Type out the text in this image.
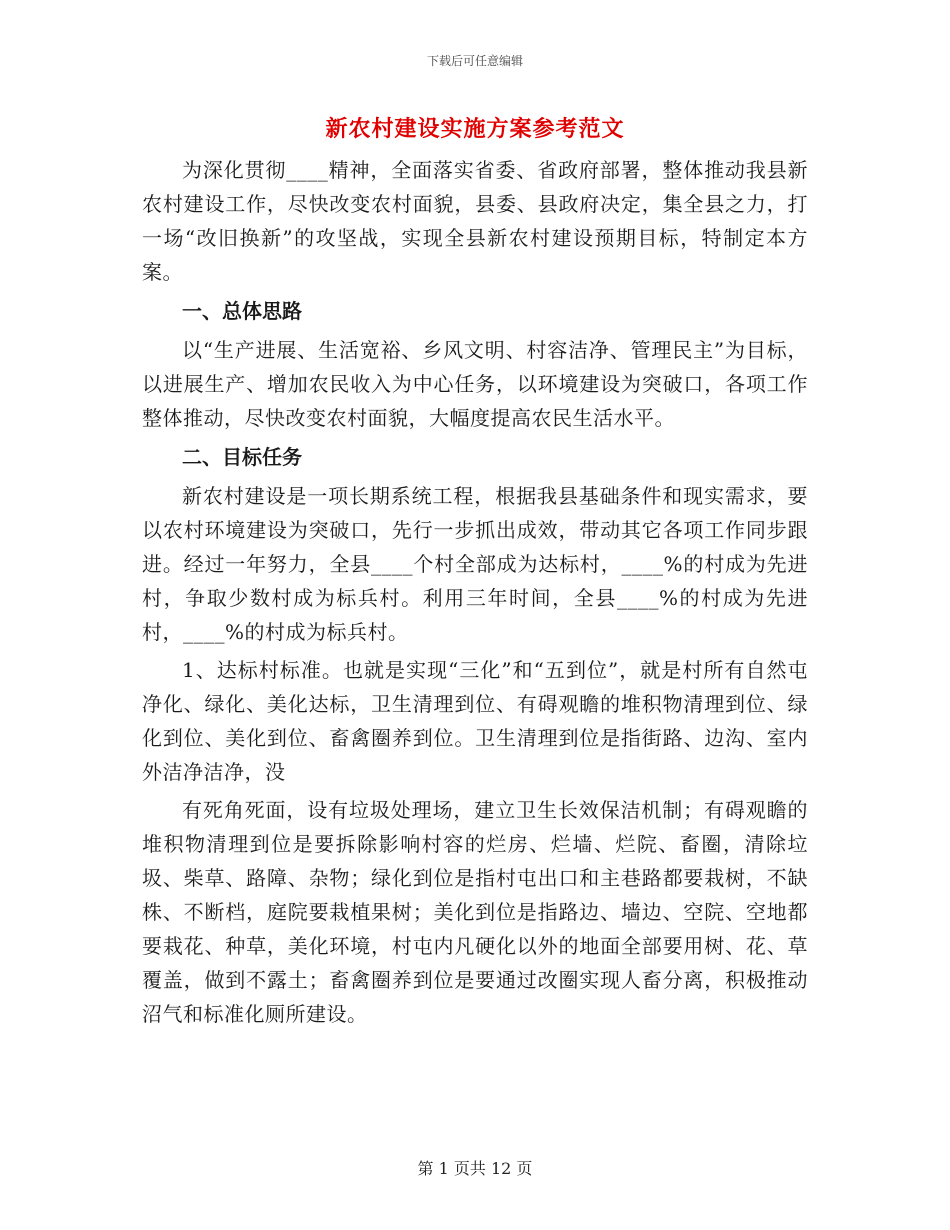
下载后可任意编辑
新农村建设实施方案参考范文

为深化贯彻____精神，全面落实省委、省政府部署，整体推动我县新农村建设工作，尽快改变农村面貌，县委、县政府决定，集全县之力，打一场“改旧换新”的攻坚战，实现全县新农村建设预期目标，特制定本方案。

一、总体思路

以“生产进展、生活宽裕、乡风文明、村容洁净、管理民主”为目标，以进展生产、增加农民收入为中心任务，以环境建设为突破口，各项工作整体推动，尽快改变农村面貌，大幅度提高农民生活水平。

二、目标任务

新农村建设是一项长期系统工程，根据我县基础条件和现实需求，要以农村环境建设为突破口，先行一步抓出成效，带动其它各项工作同步跟进。经过一年努力，全县____个村全部成为达标村，____%的村成为先进村，争取少数村成为标兵村。利用三年时间，全县____%的村成为先进村，____%的村成为标兵村。

1、达标村标准。也就是实现“三化”和“五到位”，就是村所有自然屯净化、绿化、美化达标，卫生清理到位、有碍观瞻的堆积物清理到位、绿化到位、美化到位、畜禽圈养到位。卫生清理到位是指街路、边沟、室内外洁净洁净，没

有死角死面，设有垃圾处理场，建立卫生长效保洁机制；有碍观瞻的堆积物清理到位是要拆除影响村容的烂房、烂墙、烂院、畜圈，清除垃圾、柴草、路障、杂物；绿化到位是指村屯出口和主巷路都要栽树，不缺株、不断档，庭院要栽植果树；美化到位是指路边、墙边、空院、空地都要栽花、种草，美化环境，村屯内凡硬化以外的地面全部要用树、花、草覆盖，做到不露土；畜禽圈养到位是要通过改圈实现人畜分离，积极推动沼气和标准化厕所建设。

第 1 页共 12 页
